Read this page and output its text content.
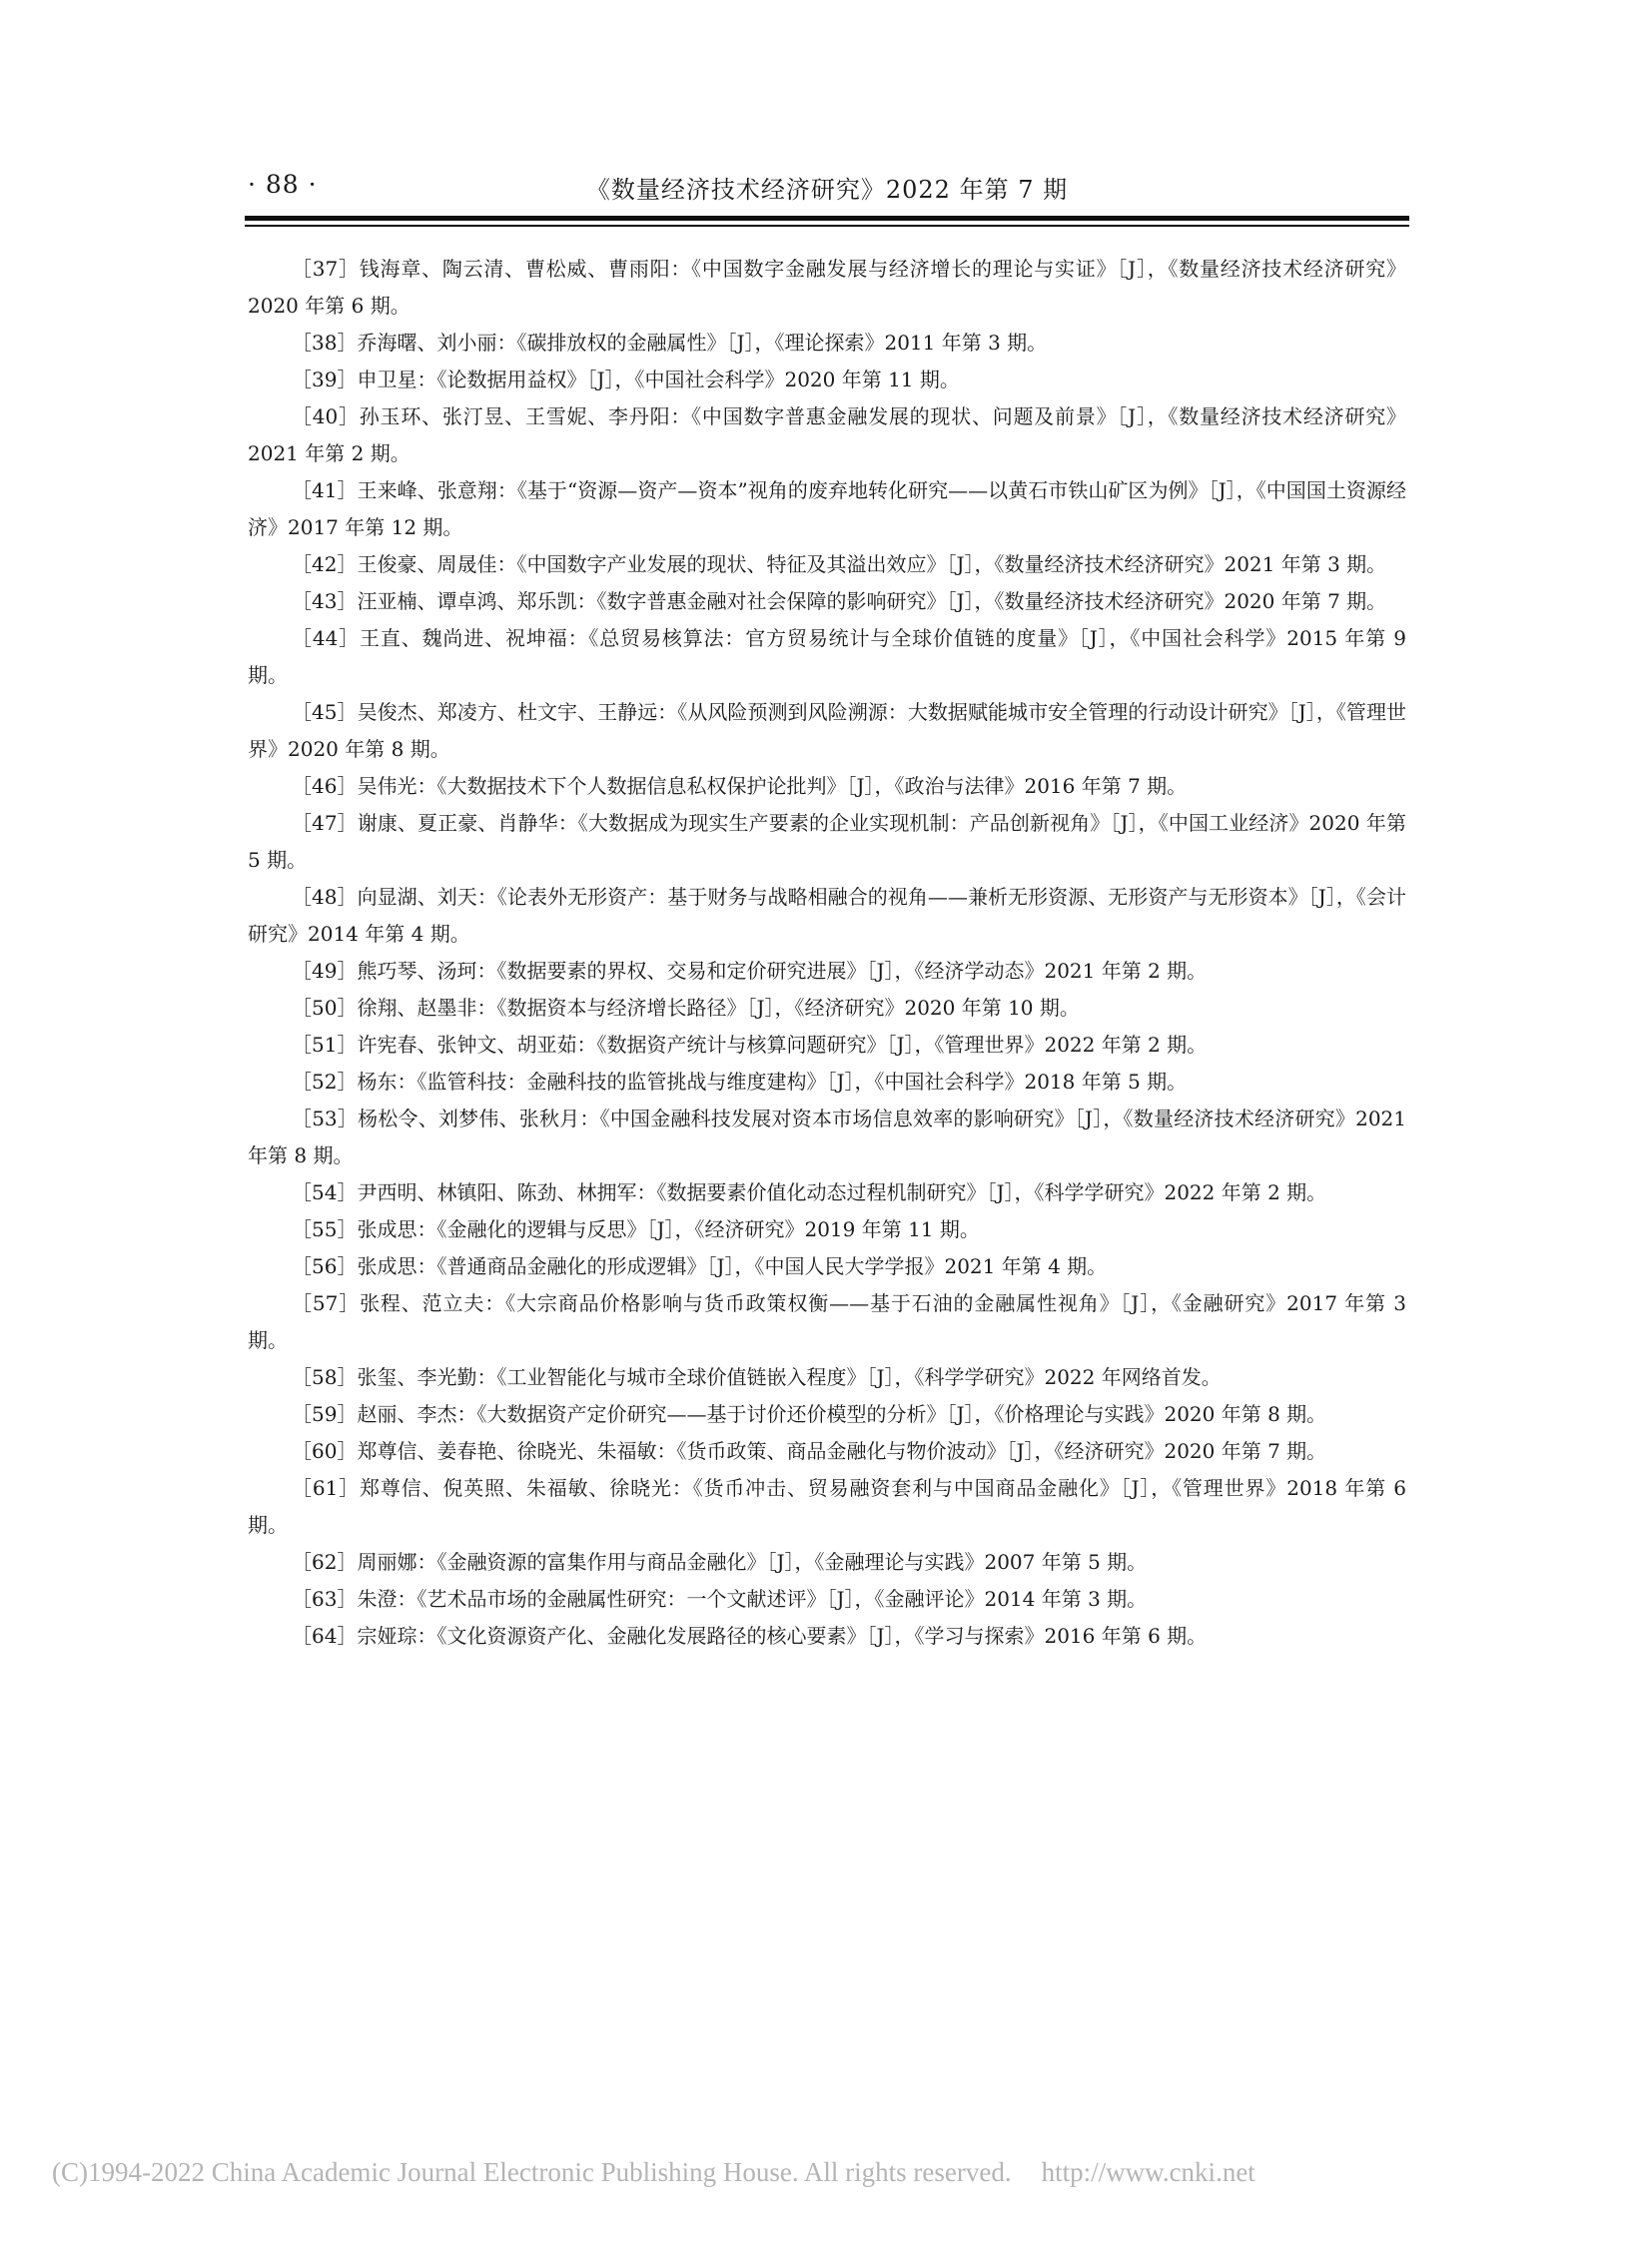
· 88 ·	《数量经济技术经济研究》2022 年第 7 期

［37］钱海章、陶云清、曹松威、曹雨阳：《中国数字金融发展与经济增长的理论与实证》［J］，《数量经济技术经济研究》2020 年第 6 期。

［38］乔海曙、刘小丽：《碳排放权的金融属性》［J］，《理论探索》2011 年第 3 期。

［39］申卫星：《论数据用益权》［J］，《中国社会科学》2020 年第 11 期。

［40］孙玉环、张汀昱、王雪妮、李丹阳：《中国数字普惠金融发展的现状、问题及前景》［J］，《数量经济技术经济研究》2021 年第 2 期。

［41］王来峰、张意翔：《基于“资源—资产—资本”视角的废弃地转化研究——以黄石市铁山矿区为例》［J］，《中国国土资源经济》2017 年第 12 期。

［42］王俊豪、周晟佳：《中国数字产业发展的现状、特征及其溢出效应》［J］，《数量经济技术经济研究》2021 年第 3 期。

［43］汪亚楠、谭卓鸿、郑乐凯：《数字普惠金融对社会保障的影响研究》［J］，《数量经济技术经济研究》2020 年第 7 期。

［44］王直、魏尚进、祝坤福：《总贸易核算法：官方贸易统计与全球价值链的度量》［J］，《中国社会科学》2015 年第 9 期。

［45］吴俊杰、郑凌方、杜文宇、王静远：《从风险预测到风险溯源：大数据赋能城市安全管理的行动设计研究》［J］，《管理世界》2020 年第 8 期。

［46］吴伟光：《大数据技术下个人数据信息私权保护论批判》［J］，《政治与法律》2016 年第 7 期。

［47］谢康、夏正豪、肖静华：《大数据成为现实生产要素的企业实现机制：产品创新视角》［J］，《中国工业经济》2020 年第 5 期。

［48］向显湖、刘天：《论表外无形资产：基于财务与战略相融合的视角——兼析无形资源、无形资产与无形资本》［J］，《会计研究》2014 年第 4 期。

［49］熊巧琴、汤珂：《数据要素的界权、交易和定价研究进展》［J］，《经济学动态》2021 年第 2 期。

［50］徐翔、赵墨非：《数据资本与经济增长路径》［J］，《经济研究》2020 年第 10 期。

［51］许宪春、张钟文、胡亚茹：《数据资产统计与核算问题研究》［J］，《管理世界》2022 年第 2 期。

［52］杨东：《监管科技：金融科技的监管挑战与维度建构》［J］，《中国社会科学》2018 年第 5 期。

［53］杨松令、刘梦伟、张秋月：《中国金融科技发展对资本市场信息效率的影响研究》［J］，《数量经济技术经济研究》2021 年第 8 期。

［54］尹西明、林镇阳、陈劲、林拥军：《数据要素价值化动态过程机制研究》［J］，《科学学研究》2022 年第 2 期。

［55］张成思：《金融化的逻辑与反思》［J］，《经济研究》2019 年第 11 期。

［56］张成思：《普通商品金融化的形成逻辑》［J］，《中国人民大学学报》2021 年第 4 期。

［57］张程、范立夫：《大宗商品价格影响与货币政策权衡——基于石油的金融属性视角》［J］，《金融研究》2017 年第 3 期。

［58］张玺、李光勤：《工业智能化与城市全球价值链嵌入程度》［J］，《科学学研究》2022 年网络首发。

［59］赵丽、李杰：《大数据资产定价研究——基于讨价还价模型的分析》［J］，《价格理论与实践》2020 年第 8 期。

［60］郑尊信、姜春艳、徐晓光、朱福敏：《货币政策、商品金融化与物价波动》［J］，《经济研究》2020 年第 7 期。

［61］郑尊信、倪英照、朱福敏、徐晓光：《货币冲击、贸易融资套利与中国商品金融化》［J］，《管理世界》2018 年第 6 期。

［62］周丽娜：《金融资源的富集作用与商品金融化》［J］，《金融理论与实践》2007 年第 5 期。

［63］朱澄：《艺术品市场的金融属性研究：一个文献述评》［J］，《金融评论》2014 年第 3 期。

［64］宗娅琮：《文化资源资产化、金融化发展路径的核心要素》［J］，《学习与探索》2016 年第 6 期。

(C)1994-2022 China Academic Journal Electronic Publishing House. All rights reserved. http://www.cnki.net
